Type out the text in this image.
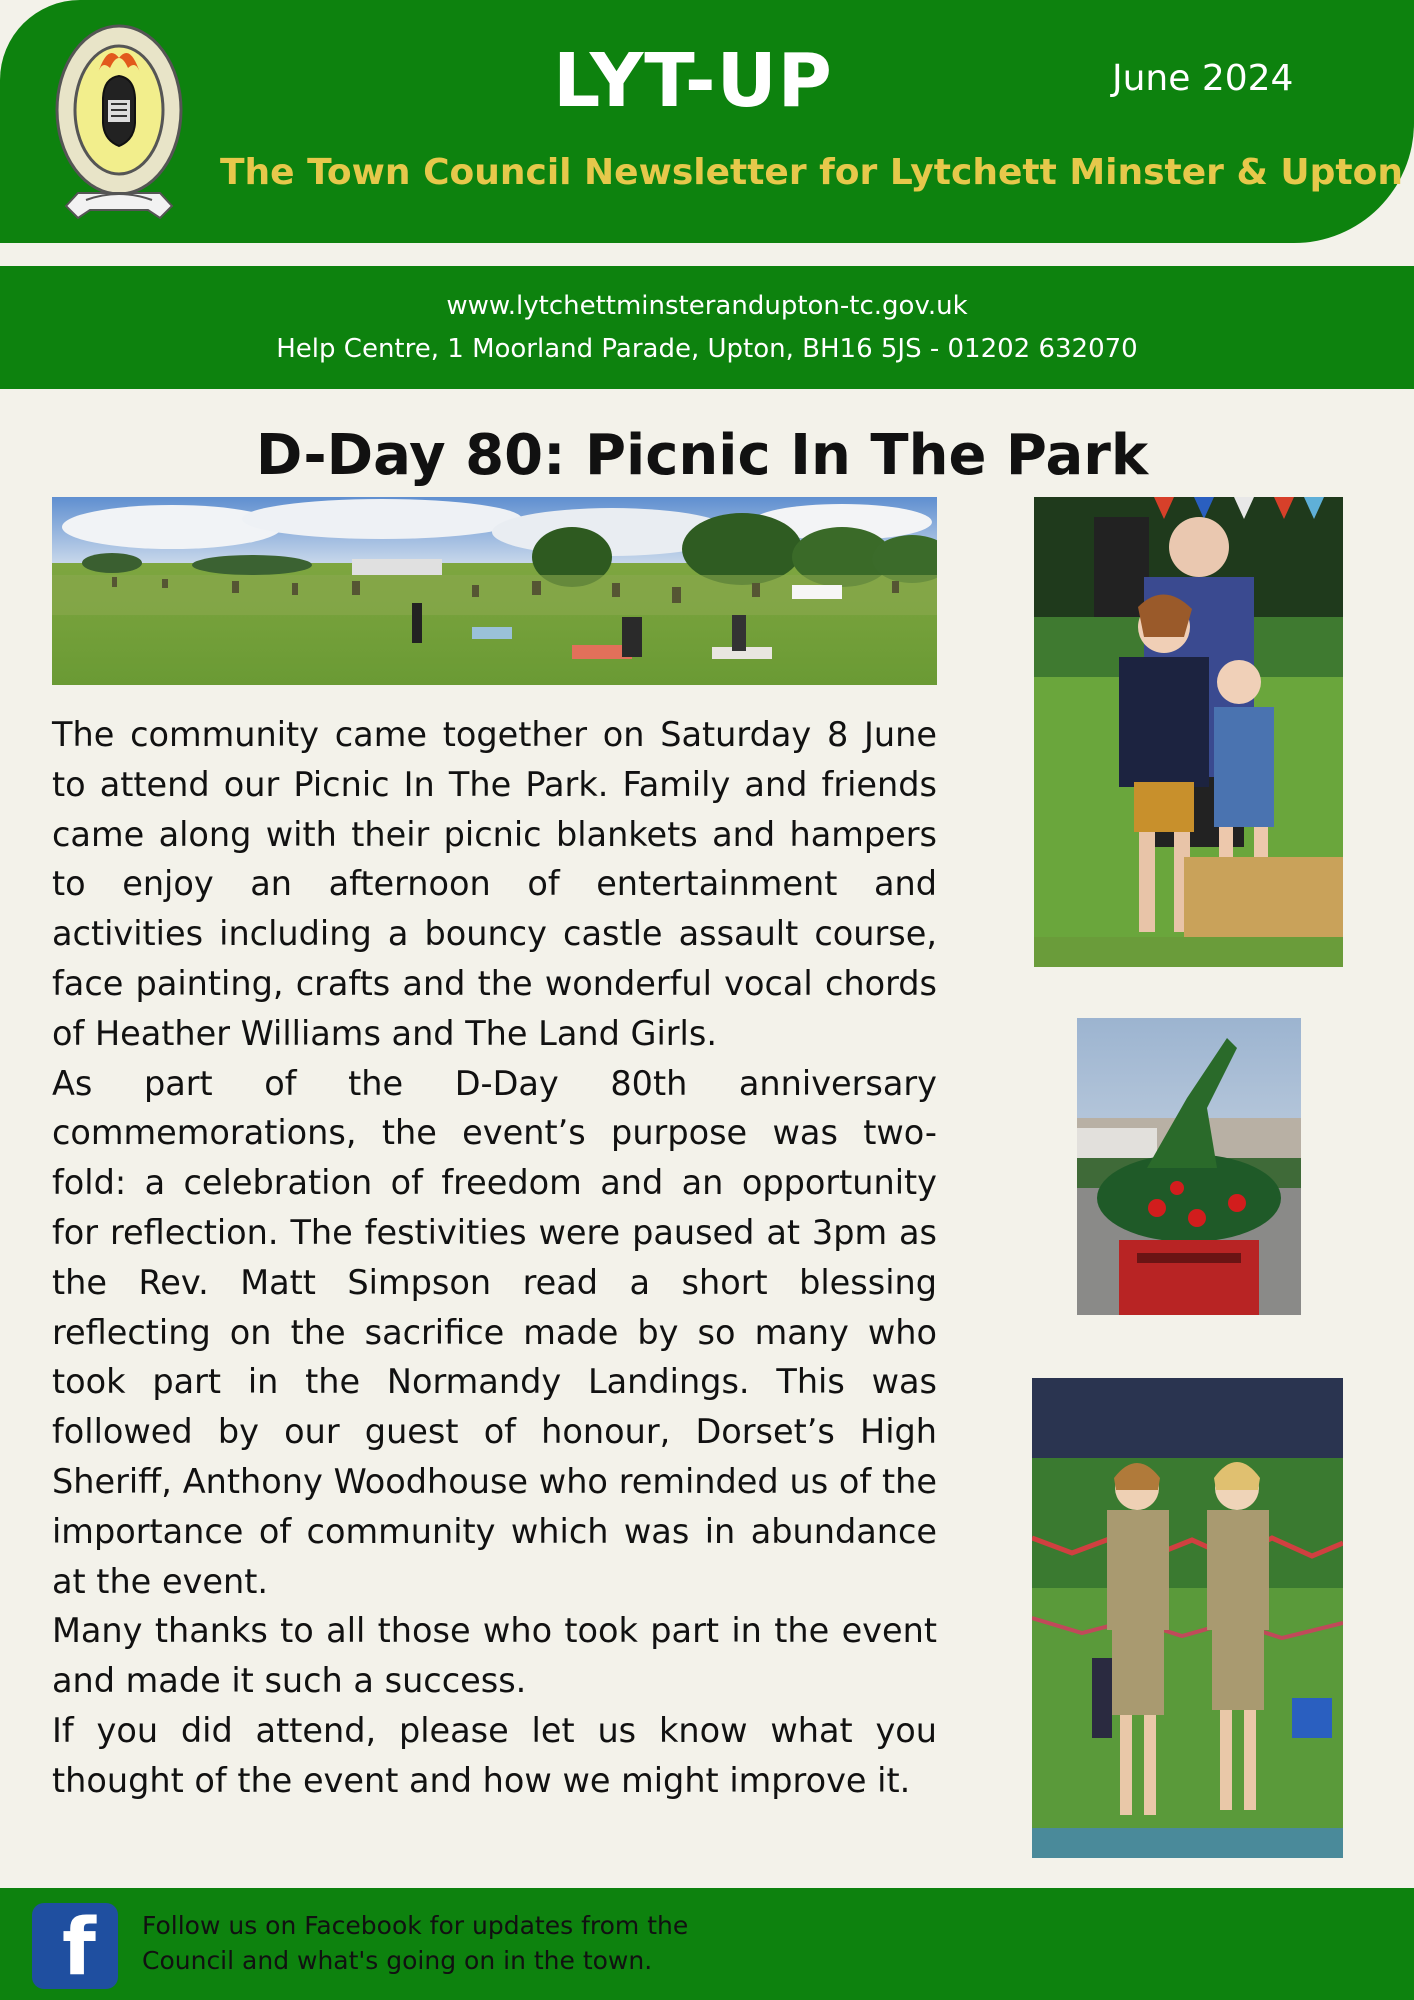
LYT-UP	June 2024
The Town Council Newsletter for Lytchett Minster & Upton
www.lytchettminsterandupton-tc.gov.uk
Help Centre, 1 Moorland Parade, Upton, BH16 5JS - 01202 632070
D-Day 80: Picnic In The Park

The community came together on Saturday 8 June to attend our Picnic In The Park. Family and friends came along with their picnic blankets and hampers to enjoy an afternoon of entertainment and activities including a bouncy castle assault course, face painting, crafts and the wonderful vocal chords of Heather Williams and The Land Girls.

As part of the D-Day 80th anniversary commemorations, the event’s purpose was two-fold: a celebration of freedom and an opportunity for reflection. The festivities were paused at 3pm as the Rev. Matt Simpson read a short blessing reflecting on the sacrifice made by so many who took part in the Normandy Landings. This was followed by our guest of honour, Dorset’s High Sheriff, Anthony Woodhouse who reminded us of the importance of community which was in abundance at the event.

Many thanks to all those who took part in the event and made it such a success.

If you did attend, please let us know what you thought of the event and how we might improve it.

f Follow us on Facebook for updates from the Council and what's going on in the town.
